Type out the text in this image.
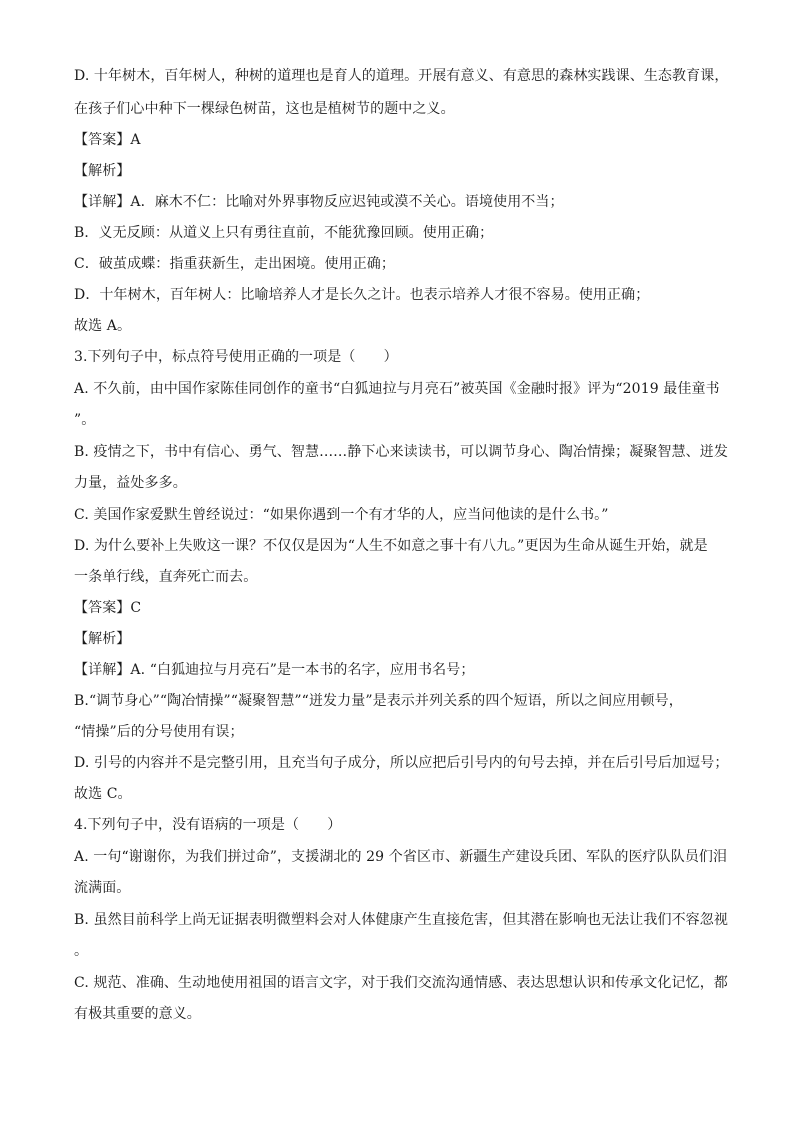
D. 十年树木，百年树人，种树的道理也是育人的道理。开展有意义、有意思的森林实践课、生态教育课，
在孩子们心中种下一棵绿色树苗，这也是植树节的题中之义。
【答案】A
【解析】
【详解】A．麻木不仁：比喻对外界事物反应迟钝或漠不关心。语境使用不当；
B．义无反顾：从道义上只有勇往直前，不能犹豫回顾。使用正确；
C．破茧成蝶：指重获新生，走出困境。使用正确；
D．十年树木，百年树人：比喻培养人才是长久之计。也表示培养人才很不容易。使用正确；
故选 A。
3.下列句子中，标点符号使用正确的一项是（　　）
A. 不久前，由中国作家陈佳同创作的童书“白狐迪拉与月亮石”被英国《金融时报》评为“2019 最佳童书
”。
B. 疫情之下，书中有信心、勇气、智慧……静下心来读读书，可以调节身心、陶冶情操；凝聚智慧、迸发
力量，益处多多。
C. 美国作家爱默生曾经说过：“如果你遇到一个有才华的人，应当问他读的是什么书。”
D. 为什么要补上失败这一课？不仅仅是因为“人生不如意之事十有八九。”更因为生命从诞生开始，就是
一条单行线，直奔死亡而去。
【答案】C
【解析】
【详解】A. “白狐迪拉与月亮石”是一本书的名字，应用书名号；
B.“调节身心”“陶冶情操”“凝聚智慧”“迸发力量”是表示并列关系的四个短语，所以之间应用顿号，
“情操”后的分号使用有误；
D. 引号的内容并不是完整引用，且充当句子成分，所以应把后引号内的句号去掉，并在后引号后加逗号；
故选 C。
4.下列句子中，没有语病的一项是（　　）
A. 一句“谢谢你，为我们拼过命”，支援湖北的 29 个省区市、新疆生产建设兵团、军队的医疗队队员们泪
流满面。
B. 虽然目前科学上尚无证据表明微塑料会对人体健康产生直接危害，但其潜在影响也无法让我们不容忽视
。
C. 规范、准确、生动地使用祖国的语言文字，对于我们交流沟通情感、表达思想认识和传承文化记忆，都
有极其重要的意义。
